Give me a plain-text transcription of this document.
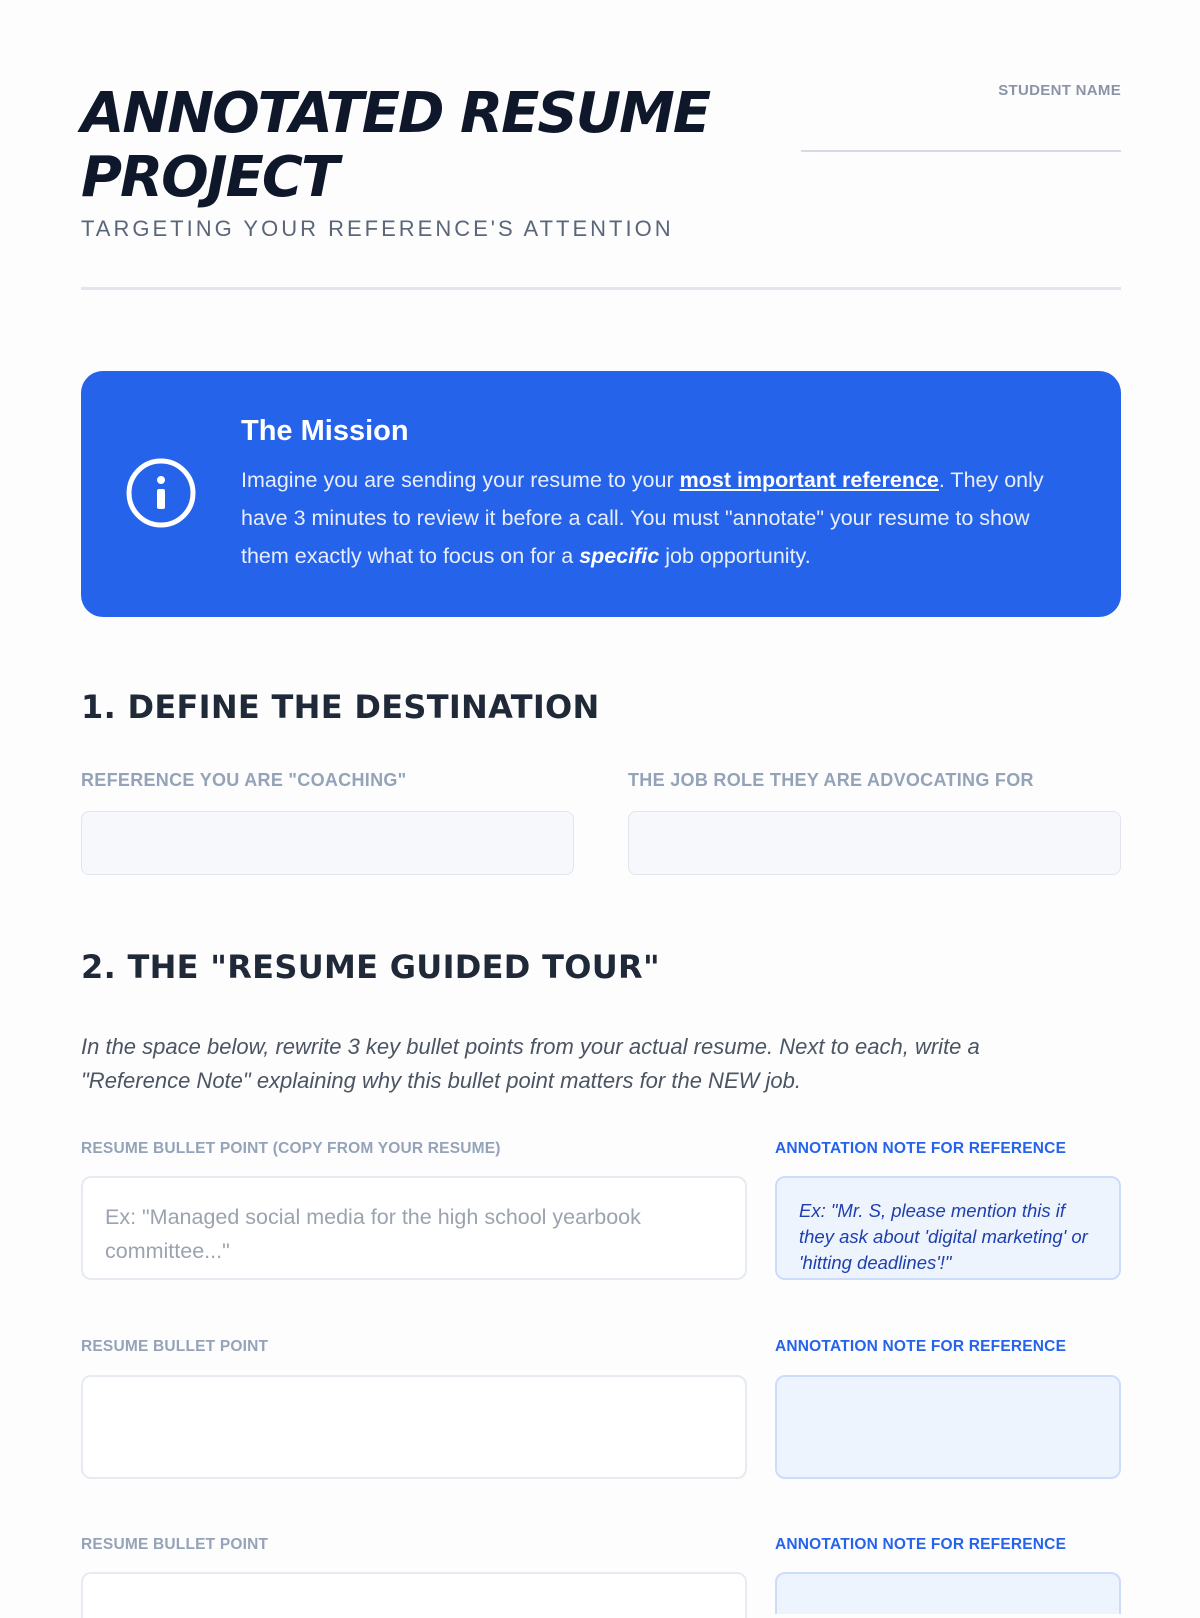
ANNOTATED RESUME PROJECT
TARGETING YOUR REFERENCE'S ATTENTION
STUDENT NAME
The Mission

Imagine you are sending your resume to your most important reference. They only have 3 minutes to review it before a call. You must "annotate" your resume to show them exactly what to focus on for a specific job opportunity.

1. DEFINE THE DESTINATION
REFERENCE YOU ARE "COACHING"	THE JOB ROLE THEY ARE ADVOCATING FOR
2. THE "RESUME GUIDED TOUR"

In the space below, rewrite 3 key bullet points from your actual resume. Next to each, write a "Reference Note" explaining why this bullet point matters for the NEW job.

RESUME BULLET POINT (COPY FROM YOUR RESUME)	ANNOTATION NOTE FOR REFERENCE
Ex: "Managed social media for the high school yearbook committee..."
Ex: "Mr. S, please mention this if they ask about 'digital marketing' or 'hitting deadlines'!"
RESUME BULLET POINT	ANNOTATION NOTE FOR REFERENCE
RESUME BULLET POINT	ANNOTATION NOTE FOR REFERENCE
